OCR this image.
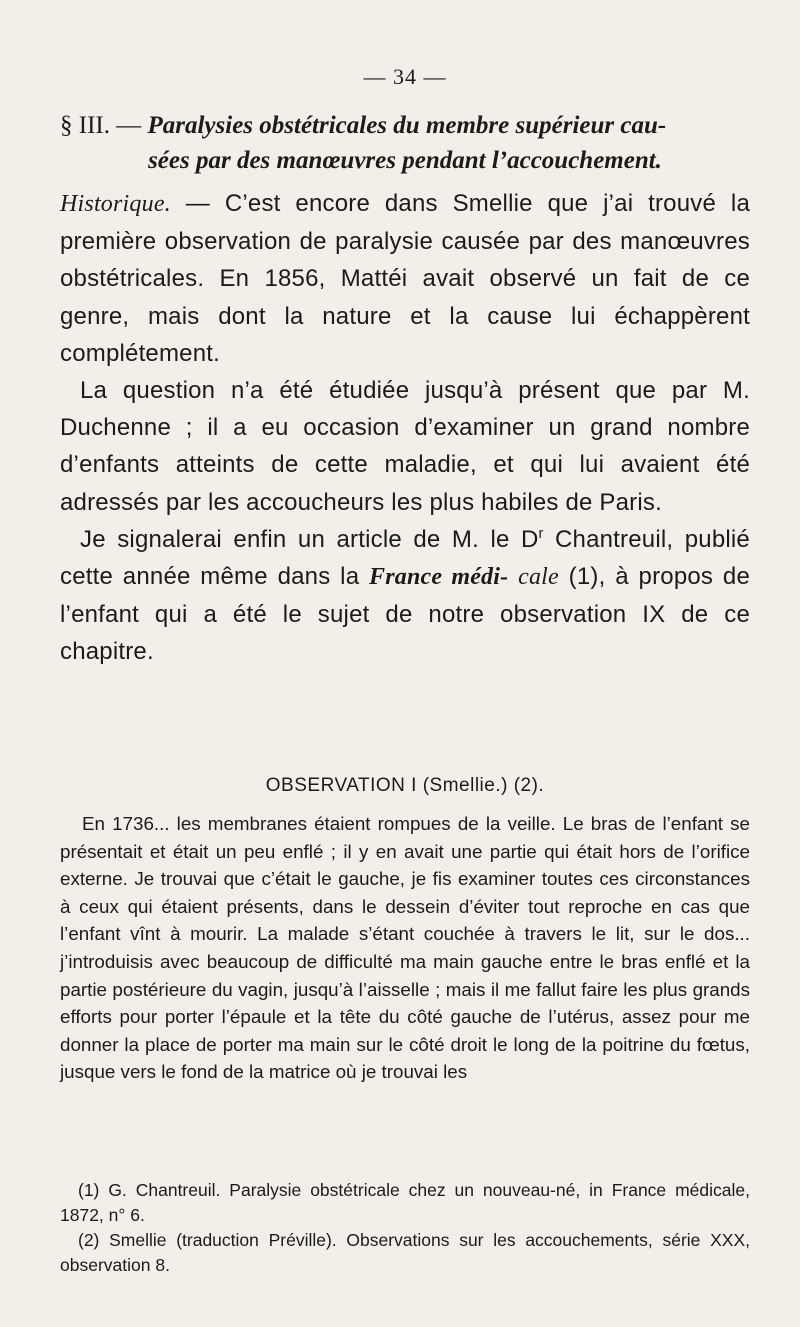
— 34 —
§ III. — Paralysies obstétricales du membre supérieur cau-
sées par des manœuvres pendant l’accouchement.

Historique. — C’est encore dans Smellie que j’ai trouvé la première observation de paralysie causée par des manœuvres obstétricales. En 1856, Mattéi avait observé un fait de ce genre, mais dont la nature et la cause lui échappèrent complétement.

La question n’a été étudiée jusqu’à présent que par M. Duchenne ; il a eu occasion d’examiner un grand nombre d’enfants atteints de cette maladie, et qui lui avaient été adressés par les accoucheurs les plus habiles de Paris.

Je signalerai enfin un article de M. le $D^r$ Chantreuil, publié cette année même dans la France médi- cale (1), à propos de l’enfant qui a été le sujet de notre observation IX de ce chapitre.

OBSERVATION I (Smellie.) (2).

En 1736... les membranes étaient rompues de la veille. Le bras de l’enfant se présentait et était un peu enflé ; il y en avait une partie qui était hors de l’orifice externe. Je trouvai que c’était le gauche, je fis examiner toutes ces circonstances à ceux qui étaient présents, dans le dessein d’éviter tout reproche en cas que l’enfant vînt à mourir. La malade s’étant couchée à travers le lit, sur le dos... j’introduisis avec beaucoup de difficulté ma main gauche entre le bras enflé et la partie postérieure du vagin, jusqu’à l’aisselle ; mais il me fallut faire les plus grands efforts pour porter l’épaule et la tête du côté gauche de l’utérus, assez pour me donner la place de porter ma main sur le côté droit le long de la poitrine du fœtus, jusque vers le fond de la matrice où je trouvai les

(1) G. Chantreuil. Paralysie obstétricale chez un nouveau-né, in France médicale, 1872, n° 6.

(2) Smellie (traduction Préville). Observations sur les accouchements, série XXX, observation 8.
